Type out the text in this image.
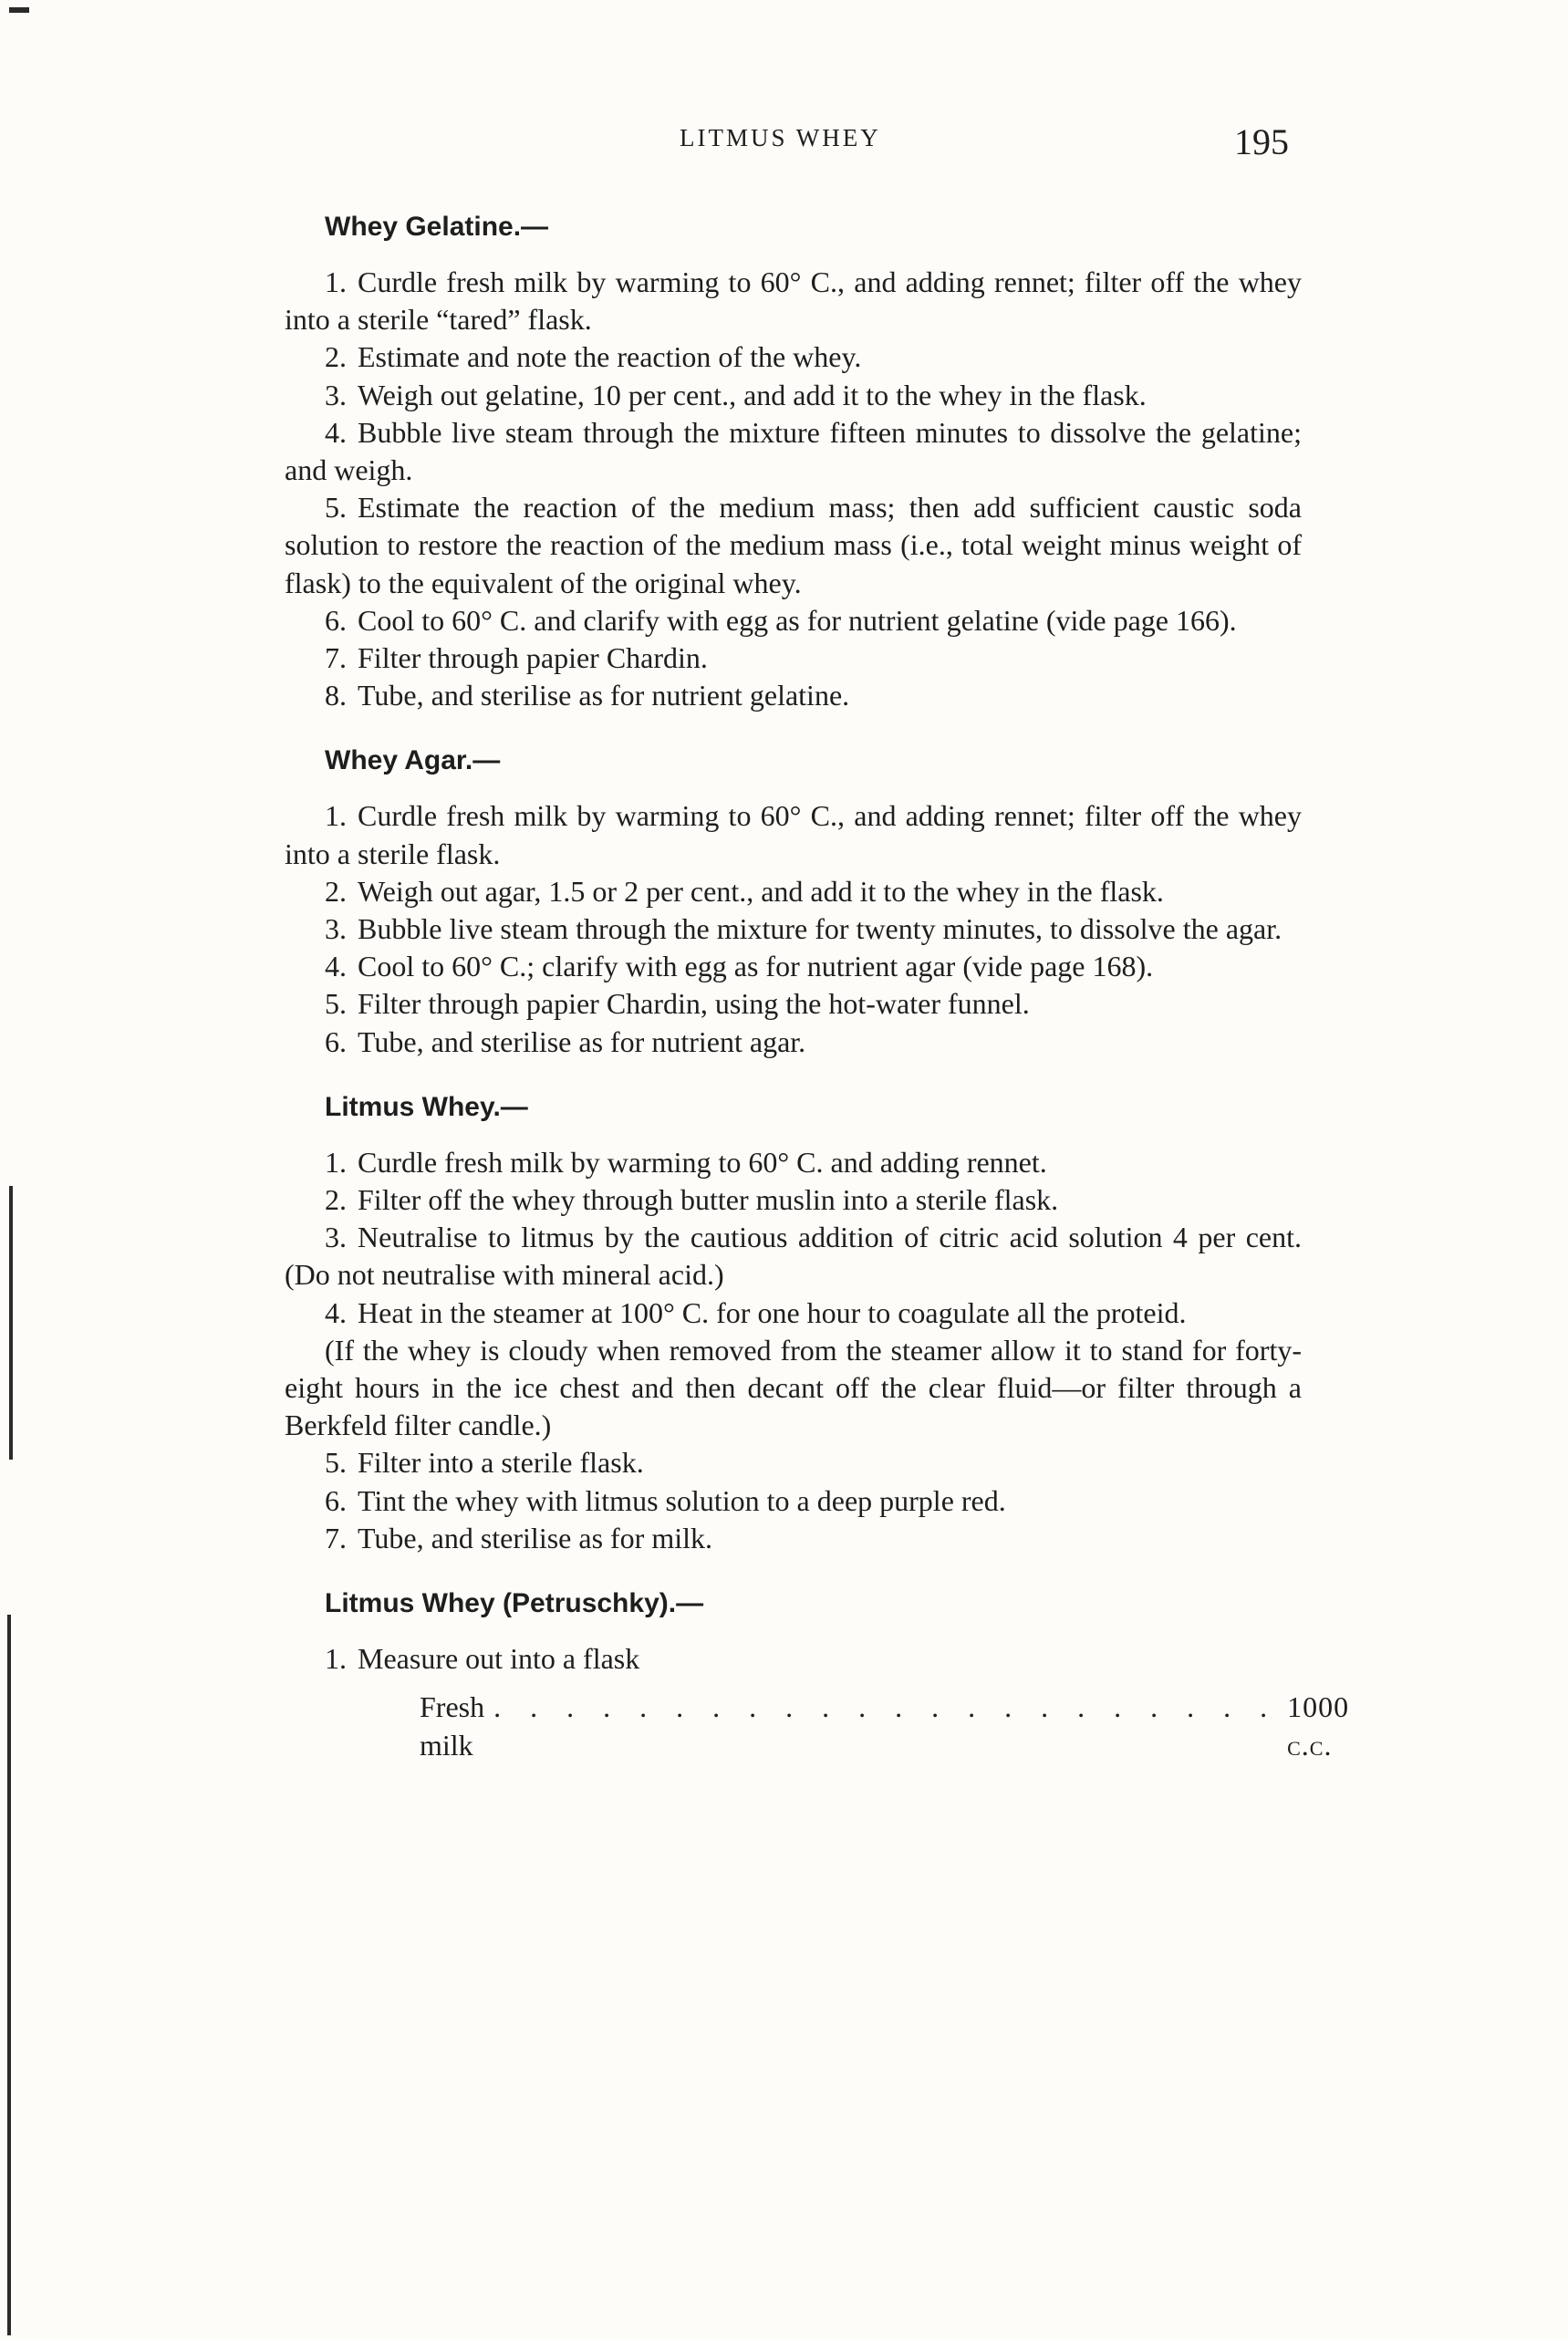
LITMUS WHEY	195
Whey Gelatine.—

1. Curdle fresh milk by warming to 60° C., and adding rennet; filter off the whey into a sterile “tared” flask.

2. Estimate and note the reaction of the whey.

3. Weigh out gelatine, 10 per cent., and add it to the whey in the flask.

4. Bubble live steam through the mixture fifteen minutes to dissolve the gelatine; and weigh.

5. Estimate the reaction of the medium mass; then add sufficient caustic soda solution to restore the reaction of the medium mass (i.e., total weight minus weight of flask) to the equivalent of the original whey.

6. Cool to 60° C. and clarify with egg as for nutrient gelatine (vide page 166).

7. Filter through papier Chardin.

8. Tube, and sterilise as for nutrient gelatine.

Whey Agar.—

1. Curdle fresh milk by warming to 60° C., and adding rennet; filter off the whey into a sterile flask.

2. Weigh out agar, 1.5 or 2 per cent., and add it to the whey in the flask.

3. Bubble live steam through the mixture for twenty minutes, to dissolve the agar.

4. Cool to 60° C.; clarify with egg as for nutrient agar (vide page 168).

5. Filter through papier Chardin, using the hot-water funnel.

6. Tube, and sterilise as for nutrient agar.

Litmus Whey.—

1. Curdle fresh milk by warming to 60° C. and adding rennet.

2. Filter off the whey through butter muslin into a sterile flask.

3. Neutralise to litmus by the cautious addition of citric acid solution 4 per cent. (Do not neutralise with mineral acid.)

4. Heat in the steamer at 100° C. for one hour to coagulate all the proteid.

(If the whey is cloudy when removed from the steamer allow it to stand for forty-eight hours in the ice chest and then decant off the clear fluid—or filter through a Berkfeld filter candle.)

5. Filter into a sterile flask.

6. Tint the whey with litmus solution to a deep purple red.

7. Tube, and sterilise as for milk.

Litmus Whey (Petruschky).—

1. Measure out into a flask

Fresh milk
. . . . . . . . . . . . . . . . . . . . . . 1000 c.c.
